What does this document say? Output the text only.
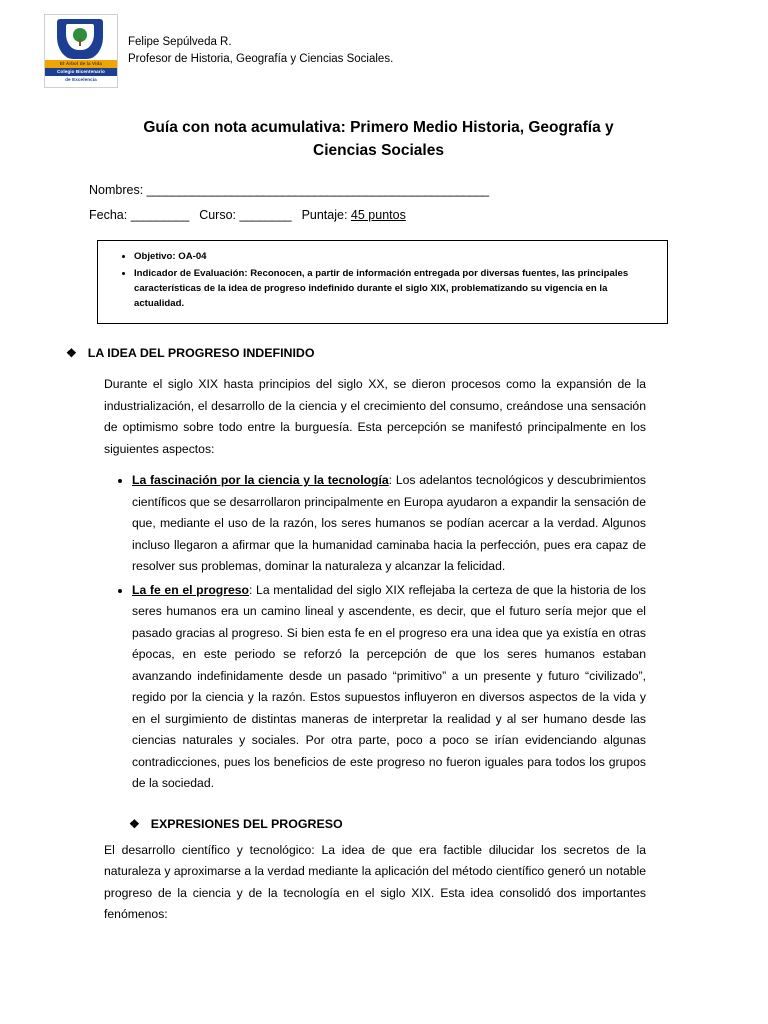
El Árbol de la Vida
Colegio Bicentenario
de Excelencia
Felipe Sepúlveda R.
Profesor de Historia, Geografía y Ciencias Sociales.
Guía con nota acumulativa: Primero Medio Historia, Geografía y
Ciencias Sociales
Nombres: _____________________________________________________
Fecha: _________ Curso: ________ Puntaje: 45 puntos
• Objetivo: OA-04
• Indicador de Evaluación: Reconocen, a partir de información entregada por diversas fuentes, las principales características de la idea de progreso indefinido durante el siglo XIX, problematizando su vigencia en la actualidad.
❖ LA IDEA DEL PROGRESO INDEFINIDO

Durante el siglo XIX hasta principios del siglo XX, se dieron procesos como la expansión de la industrialización, el desarrollo de la ciencia y el crecimiento del consumo, creándose una sensación de optimismo sobre todo entre la burguesía. Esta percepción se manifestó principalmente en los siguientes aspectos:

• La fascinación por la ciencia y la tecnología: Los adelantos tecnológicos y descubrimientos científicos que se desarrollaron principalmente en Europa ayudaron a expandir la sensación de que, mediante el uso de la razón, los seres humanos se podían acercar a la verdad. Algunos incluso llegaron a afirmar que la humanidad caminaba hacia la perfección, pues era capaz de resolver sus problemas, dominar la naturaleza y alcanzar la felicidad.
• La fe en el progreso: La mentalidad del siglo XIX reflejaba la certeza de que la historia de los seres humanos era un camino lineal y ascendente, es decir, que el futuro sería mejor que el pasado gracias al progreso. Si bien esta fe en el progreso era una idea que ya existía en otras épocas, en este periodo se reforzó la percepción de que los seres humanos estaban avanzando indefinidamente desde un pasado “primitivo” a un presente y futuro “civilizado”, regido por la ciencia y la razón. Estos supuestos influyeron en diversos aspectos de la vida y en el surgimiento de distintas maneras de interpretar la realidad y al ser humano desde las ciencias naturales y sociales. Por otra parte, poco a poco se irían evidenciando algunas contradicciones, pues los beneficios de este progreso no fueron iguales para todos los grupos de la sociedad.
❖ EXPRESIONES DEL PROGRESO

El desarrollo científico y tecnológico: La idea de que era factible dilucidar los secretos de la naturaleza y aproximarse a la verdad mediante la aplicación del método científico generó un notable progreso de la ciencia y de la tecnología en el siglo XIX. Esta idea consolidó dos importantes fenómenos:
